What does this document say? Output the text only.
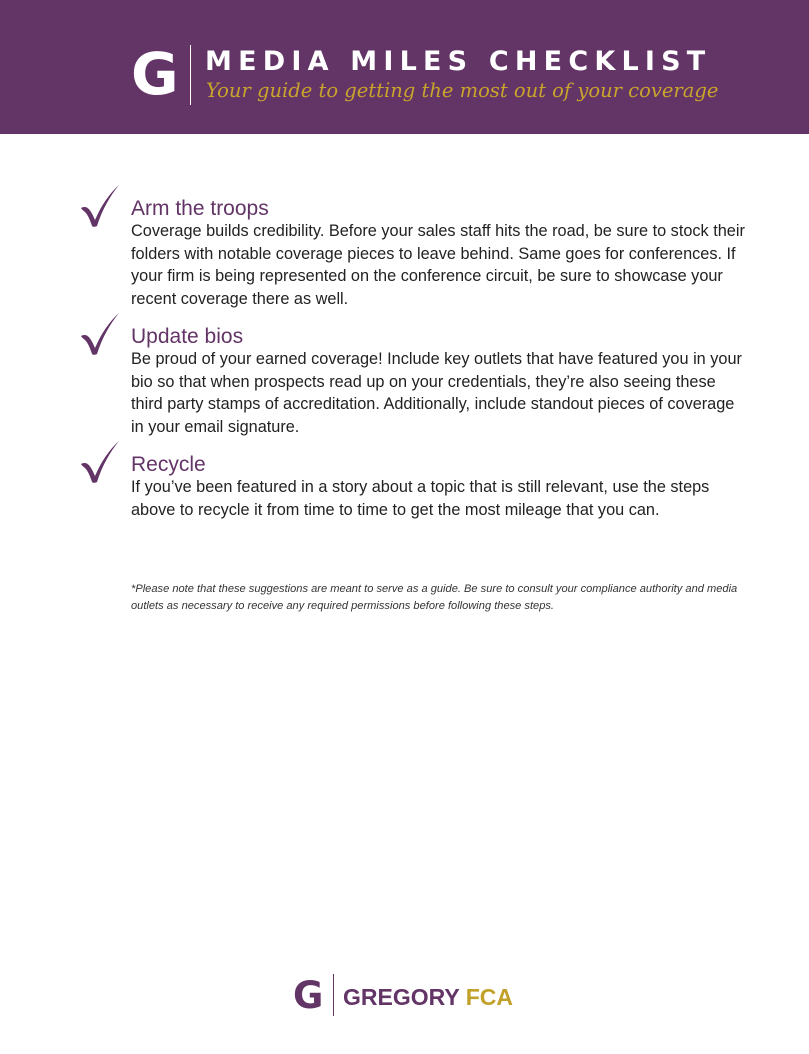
G MEDIA MILES CHECKLIST
Your guide to getting the most out of your coverage
Arm the troops
Coverage builds credibility. Before your sales staff hits the road, be sure to stock their folders with notable coverage pieces to leave behind. Same goes for conferences. If your firm is being represented on the conference circuit, be sure to showcase your recent coverage there as well.
Update bios
Be proud of your earned coverage! Include key outlets that have featured you in your bio so that when prospects read up on your credentials, they’re also seeing these third party stamps of accreditation. Additionally, include standout pieces of coverage in your email signature.
Recycle
If you’ve been featured in a story about a topic that is still relevant, use the steps above to recycle it from time to time to get the most mileage that you can.
*Please note that these suggestions are meant to serve as a guide. Be sure to consult your compliance authority and media outlets as necessary to receive any required permissions before following these steps.
G GREGORY FCA
